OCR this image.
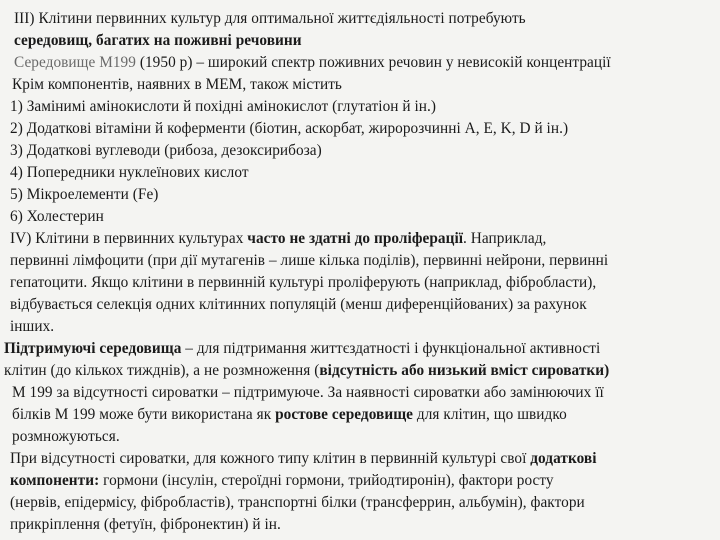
III) Клітини первинних культур для оптимальної життєдіяльності потребують
середовищ, багатих на поживні речовини
Середовище М199 (1950 р) – широкий спектр поживних речовин у невисокій концентрації
Крім компонентів, наявних в МЕМ, також містить
1) Замінимі амінокислоти й похідні амінокислот (глутатіон й ін.)
2) Додаткові вітаміни й коферменти (біотин, аскорбат, жиророзчинні A, E, K, D й ін.)
3) Додаткові вуглеводи (рибоза, дезоксирибоза)
4) Попередники нуклеїнових кислот
5) Мікроелементи (Fe)
6) Холестерин
IV) Клітини в первинних культурах часто не здатні до проліферації. Наприклад,
первинні лімфоцити (при дії мутагенів – лише кілька поділів), первинні нейрони, первинні
гепатоцити. Якщо клітини в первинній культурі проліферують (наприклад, фібробласти),
відбувається селекція одних клітинних популяцій (менш диференційованих) за рахунок
інших.
Підтримуючі середовища – для підтримання життєздатності і функціональної активності
клітин (до кількох тижднів), а не розмноження (відсутність або низький вміст сироватки)
М 199 за відсутності сироватки – підтримуюче. За наявності сироватки або замінюючих її
білків М 199 може бути використана як ростове середовище для клітин, що швидко
розмножуються.
При відсутності сироватки, для кожного типу клітин в первинній культурі свої додаткові
компоненти: гормони (інсулін, стероїдні гормони, трийодтиронін), фактори росту
(нервів, епідермісу, фібробластів), транспортні білки (трансферрин, альбумін), фактори
прикріплення (фетуїн, фібронектин) й ін.
